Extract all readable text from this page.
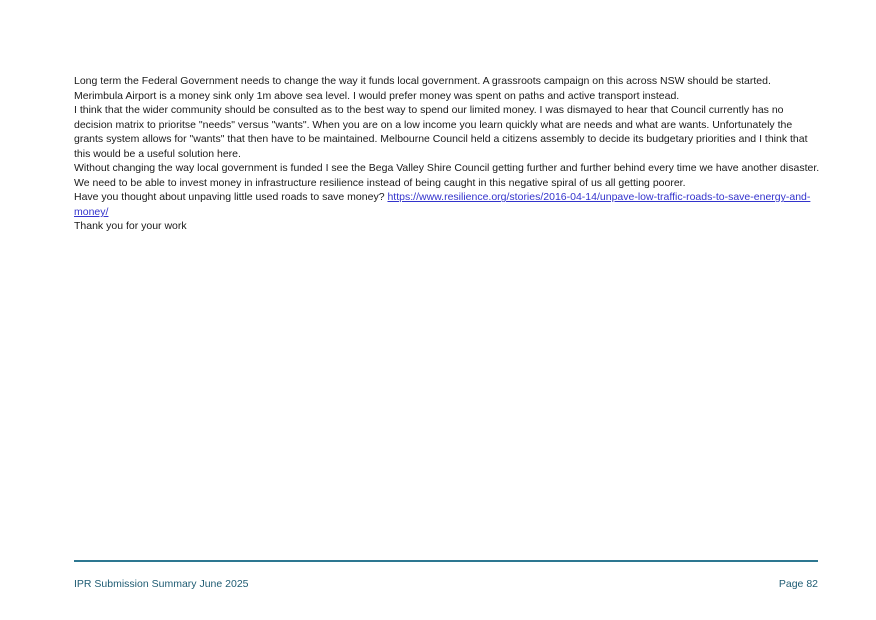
Long term the Federal Government needs to change the way it funds local government. A grassroots campaign on this across NSW should be started.

Merimbula Airport is a money sink only 1m above sea level. I would prefer money was spent on paths and active transport instead.

I think that the wider community should be consulted as to the best way to spend our limited money. I was dismayed to hear that Council currently has no decision matrix to prioritse "needs" versus "wants". When you are on a low income you learn quickly what are needs and what are wants. Unfortunately the grants system allows for "wants" that then have to be maintained. Melbourne Council held a citizens assembly to decide its budgetary priorities and I think that this would be a useful solution here.

Without changing the way local government is funded I see the Bega Valley Shire Council getting further and further behind every time we have another disaster. We need to be able to invest money in infrastructure resilience instead of being caught in this negative spiral of us all getting poorer.

Have you thought about unpaving little used roads to save money? https://www.resilience.org/stories/2016-04-14/unpave-low-traffic-roads-to-save-energy-and-money/

Thank you for your work

IPR Submission Summary June 2025	Page 82
